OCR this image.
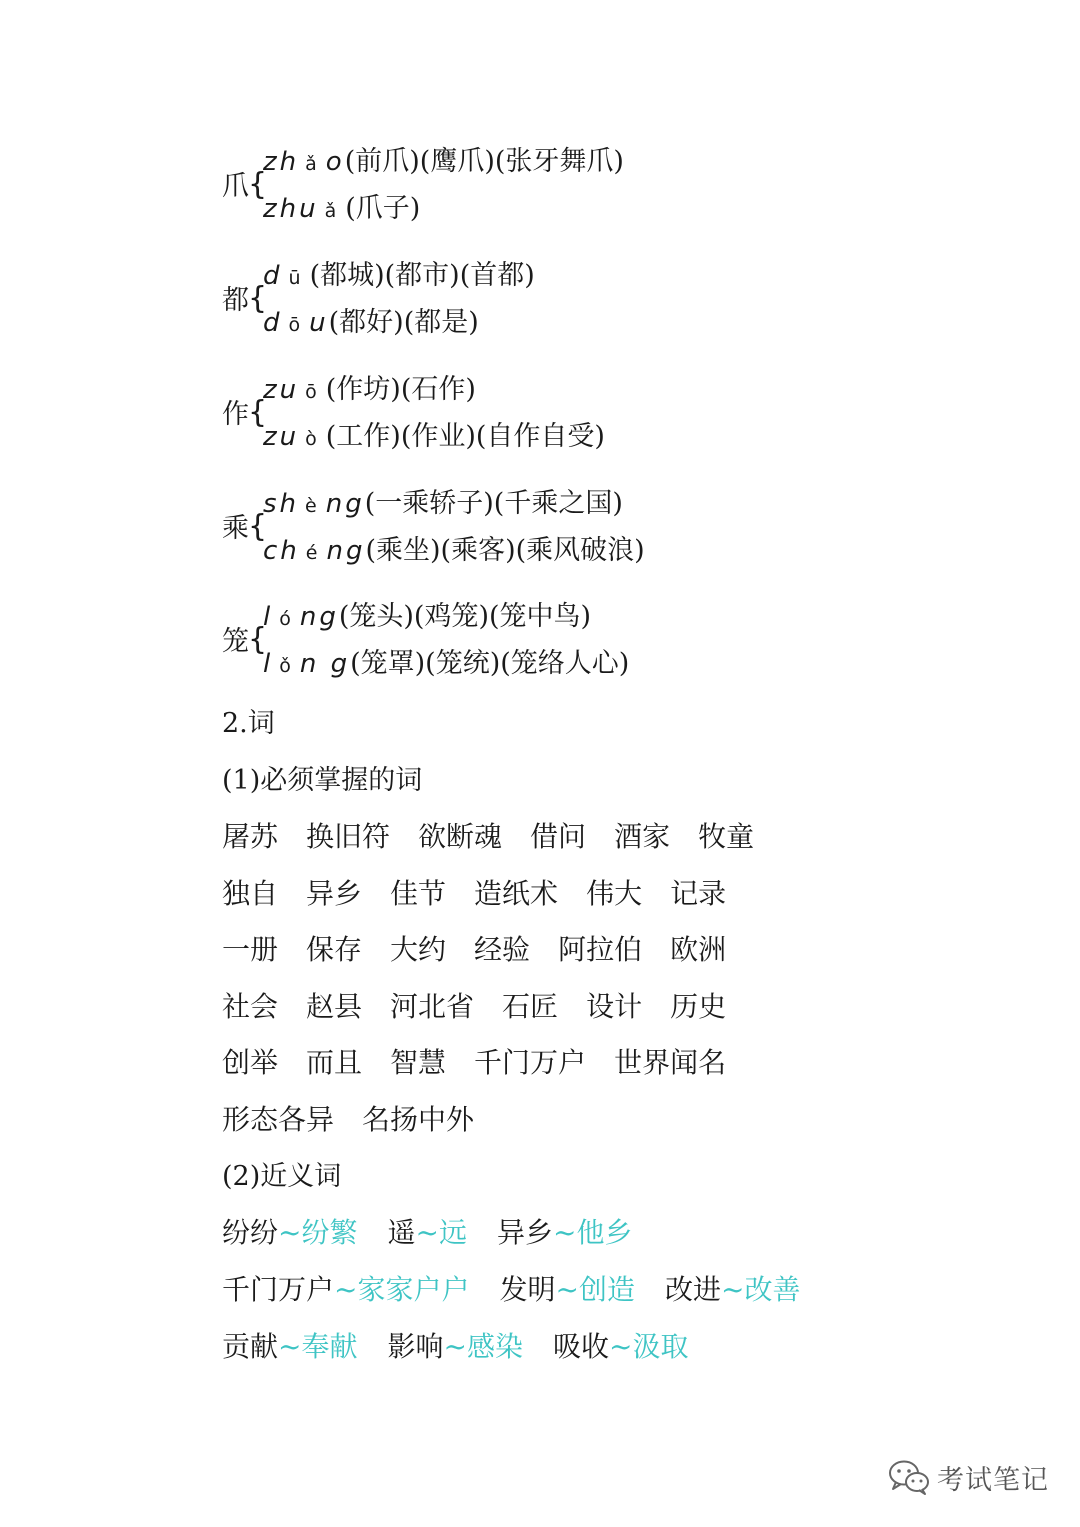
爪 {
zh ǎ o(前爪)(鹰爪)(张牙舞爪)
zhu ǎ (爪子)
都 {
d ū (都城)(都市)(首都)
d ō u(都好)(都是)
作 {
zu ō (作坊)(石作)
zu ò (工作)(作业)(自作自受)
乘 {
sh è ng(一乘轿子)(千乘之国)
ch é ng(乘坐)(乘客)(乘风破浪)
笼 {
l ó ng(笼头)(鸡笼)(笼中鸟)
l ǒ n g(笼罩)(笼统)(笼络人心)
2.词
(1)必须掌握的词
屠苏 换旧符 欲断魂 借问 酒家 牧童
独自 异乡 佳节 造纸术 伟大 记录
一册 保存 大约 经验 阿拉伯 欧洲
社会 赵县 河北省 石匠 设计 历史
创举 而且 智慧 千门万户 世界闻名
形态各异 名扬中外
(2)近义词
纷纷~纷繁 遥~远 异乡~他乡
千门万户~家家户户 发明~创造 改进~改善
贡献~奉献 影响~感染 吸收~汲取
考试笔记
